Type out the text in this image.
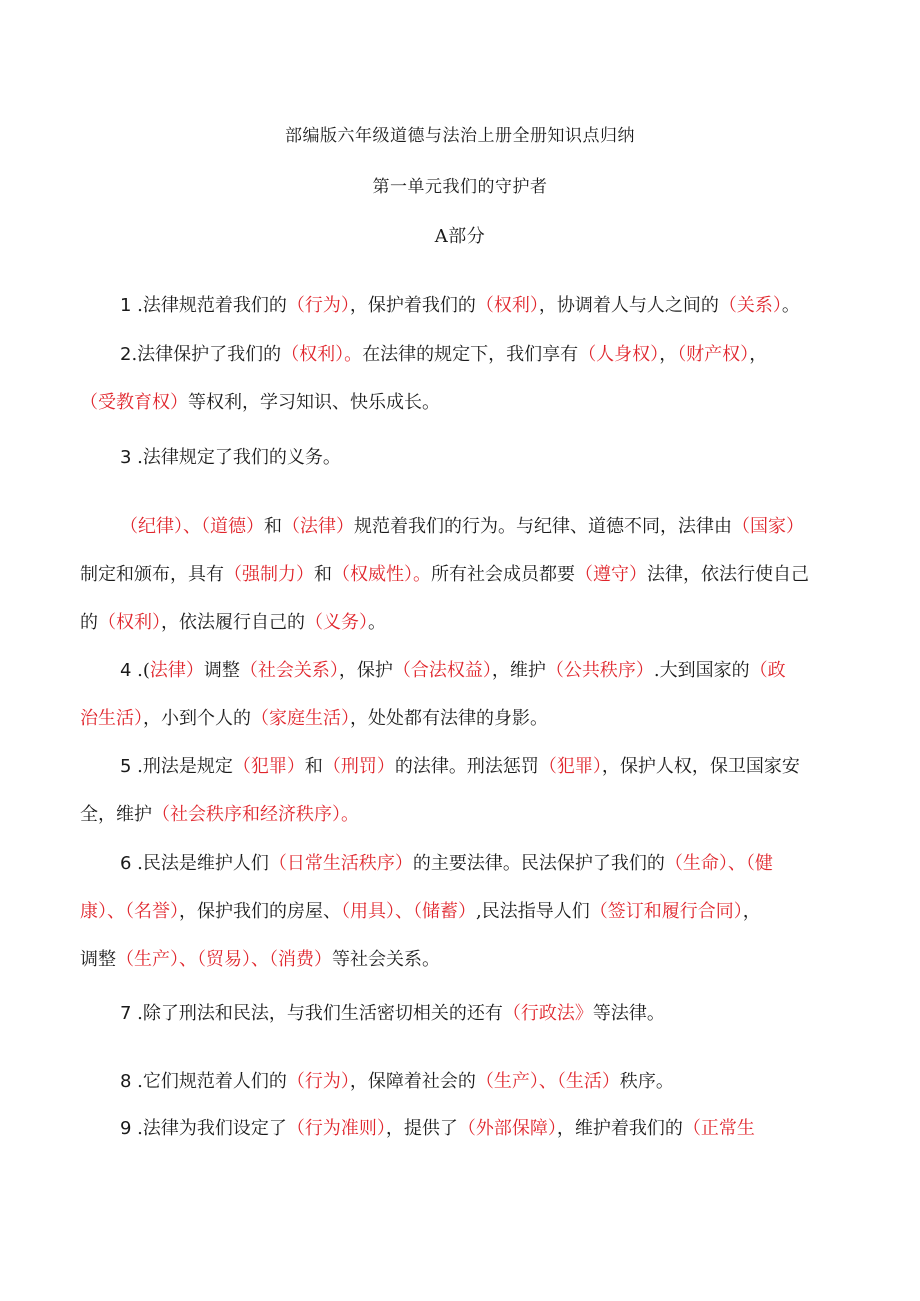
部编版六年级道德与法治上册全册知识点归纳
第一单元我们的守护者
A部分
1 .法律规范着我们的（行为），保护着我们的（权利），协调着人与人之间的（关系）。
2.法律保护了我们的（权利）。在法律的规定下，我们享有（人身权），（财产权），
（受教育权）等权利，学习知识、快乐成长。
3 .法律规定了我们的义务。
（纪律）、（道德）和（法律）规范着我们的行为。与纪律、道德不同，法律由（国家）
制定和颁布，具有（强制力）和（权威性）。所有社会成员都要（遵守）法律，依法行使自己
的（权利），依法履行自己的（义务）。
4 .(法律）调整（社会关系），保护（合法权益），维护（公共秩序）.大到国家的（政
治生活），小到个人的（家庭生活），处处都有法律的身影。
5 .刑法是规定（犯罪）和（刑罚）的法律。刑法惩罚（犯罪），保护人权，保卫国家安
全，维护（社会秩序和经济秩序）。
6 .民法是维护人们（日常生活秩序）的主要法律。民法保护了我们的（生命）、（健
康）、（名誉），保护我们的房屋、（用具）、（储蓄）,民法指导人们（签订和履行合同），
调整（生产）、（贸易）、（消费）等社会关系。
7 .除了刑法和民法，与我们生活密切相关的还有（行政法》等法律。
8 .它们规范着人们的（行为），保障着社会的（生产）、（生活）秩序。
9 .法律为我们设定了（行为准则），提供了（外部保障），维护着我们的（正常生
